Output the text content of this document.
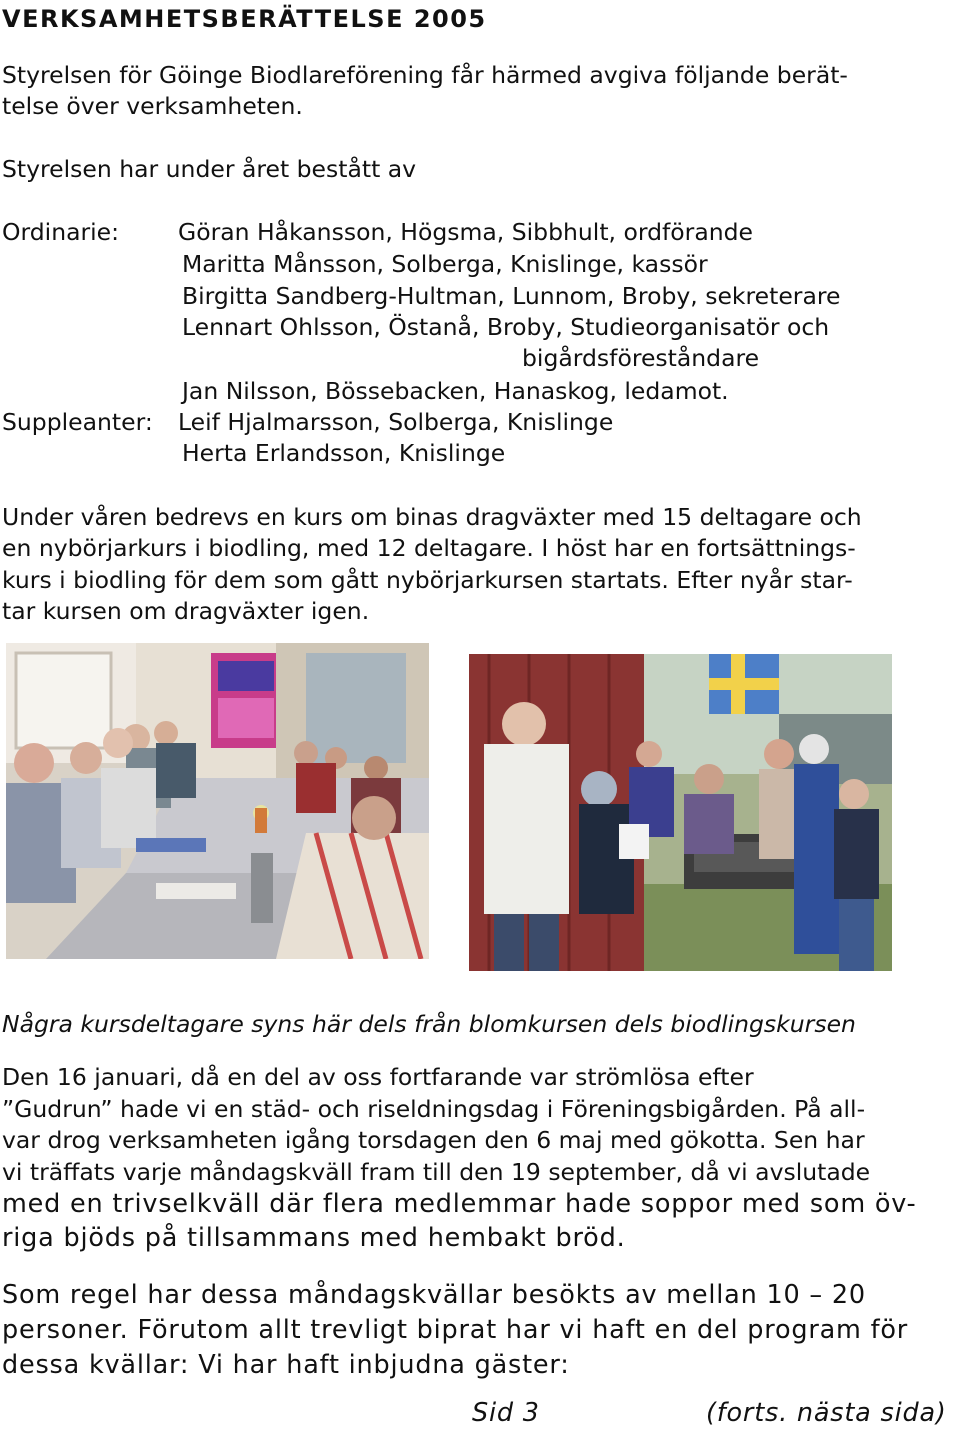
VERKSAMHETSBERÄTTELSE 2005
Styrelsen för Göinge Biodlareförening får härmed avgiva följande berät-
telse över verksamheten.
Styrelsen har under året bestått av
Ordinarie:	Göran Håkansson, Högsma, Sibbhult, ordförande
Maritta Månsson, Solberga, Knislinge, kassör
Birgitta Sandberg-Hultman, Lunnom, Broby, sekreterare
Lennart Ohlsson, Östanå, Broby, Studieorganisatör och
bigårdsföreståndare
Jan Nilsson, Bössebacken, Hanaskog, ledamot.
Suppleanter: Leif Hjalmarsson, Solberga, Knislinge
Herta Erlandsson, Knislinge
Under våren bedrevs en kurs om binas dragväxter med 15 deltagare och
en nybörjarkurs i biodling, med 12 deltagare. I höst har en fortsättnings-
kurs i biodling för dem som gått nybörjarkursen startats. Efter nyår star-
tar kursen om dragväxter igen.
Några kursdeltagare syns här dels från blomkursen dels biodlingskursen
Den 16 januari, då en del av oss fortfarande var strömlösa efter
”Gudrun” hade vi en städ- och riseldningsdag i Föreningsbigården. På all-
var drog verksamheten igång torsdagen den 6 maj med gökotta. Sen har
vi träffats varje måndagskväll fram till den 19 september, då vi avslutade
med en trivselkväll där flera medlemmar hade soppor med som öv-
riga bjöds på tillsammans med hembakt bröd.
Som regel har dessa måndagskvällar besökts av mellan 10 – 20
personer. Förutom allt trevligt biprat har vi haft en del program för
dessa kvällar: Vi har haft inbjudna gäster:
Sid 3	(forts. nästa sida)
